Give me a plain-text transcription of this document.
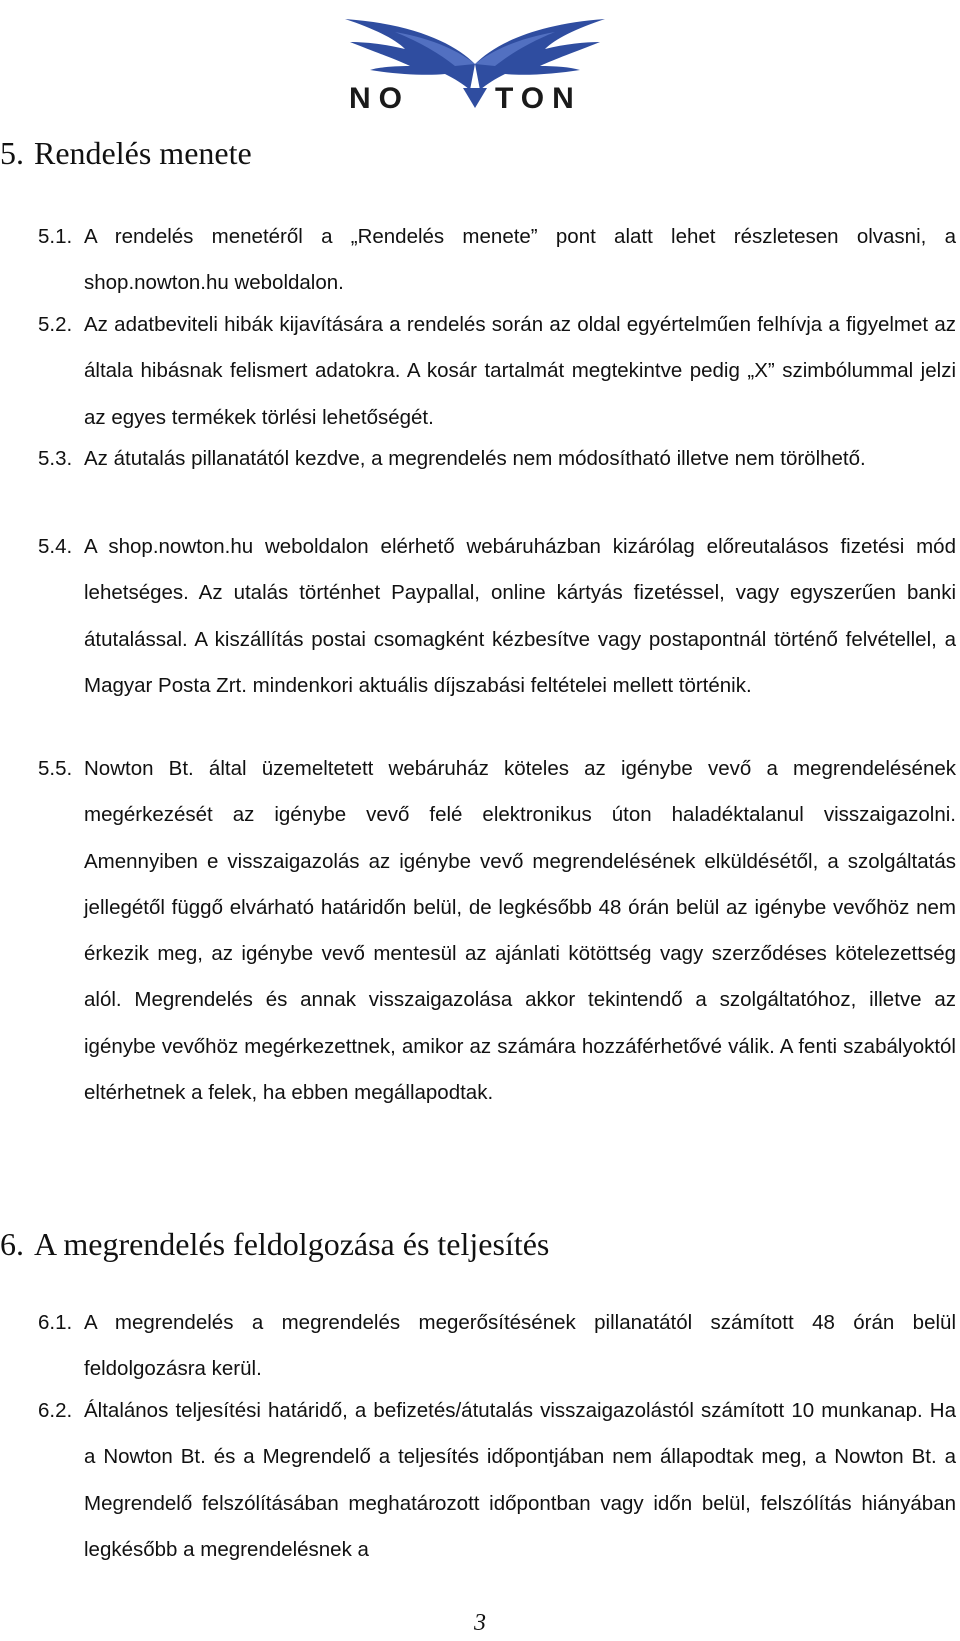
NO	TON
5. Rendelés menete
5.1. A rendelés menetéről a „Rendelés menete” pont alatt lehet részletesen olvasni, a shop.nowton.hu weboldalon.
5.2. Az adatbeviteli hibák kijavítására a rendelés során az oldal egyértelműen felhívja a figyelmet az általa hibásnak felismert adatokra. A kosár tartalmát megtekintve pedig „X” szimbólummal jelzi az egyes termékek törlési lehetőségét.
5.3. Az átutalás pillanatától kezdve, a megrendelés nem módosítható illetve nem törölhető.
5.4. A shop.nowton.hu weboldalon elérhető webáruházban kizárólag előreutalásos fizetési mód lehetséges. Az utalás történhet Paypallal, online kártyás fizetéssel, vagy egyszerűen banki átutalással. A kiszállítás postai csomagként kézbesítve vagy postapontnál történő felvétellel, a Magyar Posta Zrt. mindenkori aktuális díjszabási feltételei mellett történik.
5.5. Nowton Bt. által üzemeltetett webáruház köteles az igénybe vevő a megrendelésének megérkezését az igénybe vevő felé elektronikus úton haladéktalanul visszaigazolni. Amennyiben e visszaigazolás az igénybe vevő megrendelésének elküldésétől, a szolgáltatás jellegétől függő elvárható határidőn belül, de legkésőbb 48 órán belül az igénybe vevőhöz nem érkezik meg, az igénybe vevő mentesül az ajánlati kötöttség vagy szerződéses kötelezettség alól. Megrendelés és annak visszaigazolása akkor tekintendő a szolgáltatóhoz, illetve az igénybe vevőhöz megérkezettnek, amikor az számára hozzáférhetővé válik. A fenti szabályoktól eltérhetnek a felek, ha ebben megállapodtak.
6. A megrendelés feldolgozása és teljesítés
6.1. A megrendelés a megrendelés megerősítésének pillanatától számított 48 órán belül feldolgozásra kerül.
6.2. Általános teljesítési határidő, a befizetés/átutalás visszaigazolástól számított 10 munkanap. Ha a Nowton Bt. és a Megrendelő a teljesítés időpontjában nem állapodtak meg, a Nowton Bt. a Megrendelő felszólításában meghatározott időpontban vagy időn belül, felszólítás hiányában legkésőbb a megrendelésnek a
3
